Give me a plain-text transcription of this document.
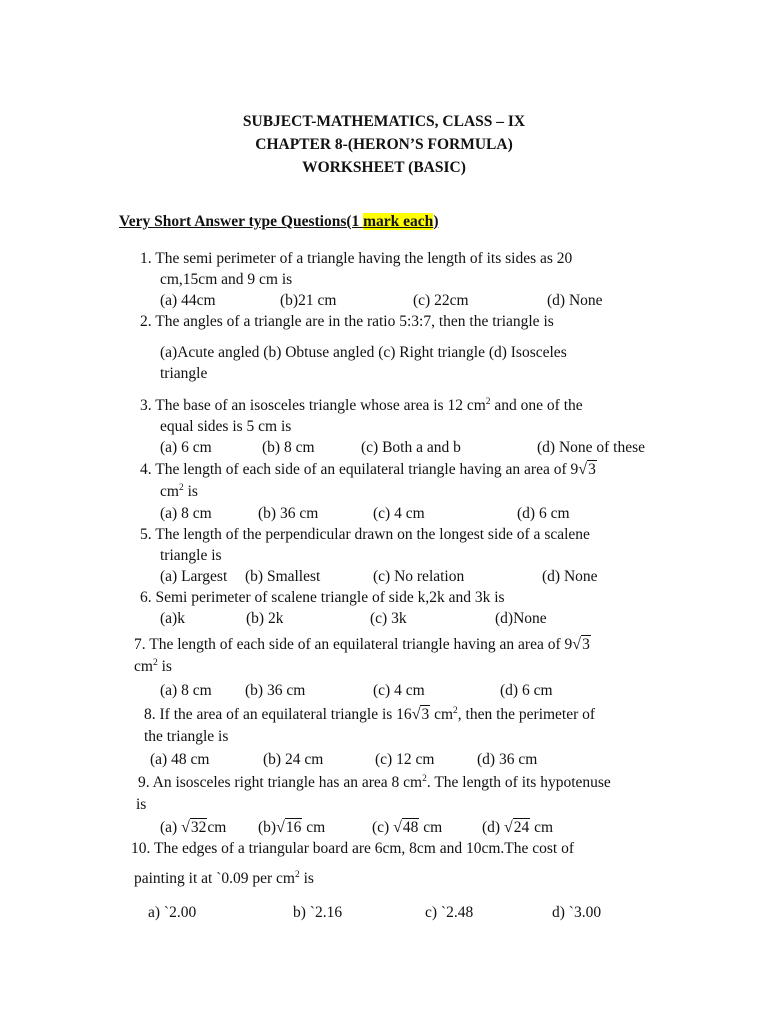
SUBJECT-MATHEMATICS, CLASS – IX
CHAPTER 8-(HERON’S FORMULA)
WORKSHEET (BASIC)
Very Short Answer type Questions(1 mark each)
1. The semi perimeter of a triangle having the length of its sides as 20
cm,15cm and 9 cm is
(a) 44cm	(b)21 cm	(c) 22cm	(d) None
2. The angles of a triangle are in the ratio 5:3:7, then the triangle is
(a)Acute angled (b) Obtuse angled (c) Right triangle (d) Isosceles
triangle
3. The base of an isosceles triangle whose area is 12 $cm^2$ and one of the
equal sides is 5 cm is
(a) 6 cm	(b) 8 cm	(c) Both a and b	(d) None of these
4. The length of each side of an equilateral triangle having an area of 9√3
$cm^2$ is
(a) 8 cm	(b) 36 cm	(c) 4 cm	(d) 6 cm
5. The length of the perpendicular drawn on the longest side of a scalene
triangle is
(a) Largest (b) Smallest	(c) No relation	(d) None
6. Semi perimeter of scalene triangle of side k,2k and 3k is
(a)k	(b) 2k	(c) 3k	(d)None
7. The length of each side of an equilateral triangle having an area of 9√3
$cm^2$ is
(a) 8 cm (b) 36 cm	(c) 4 cm	(d) 6 cm
8. If the area of an equilateral triangle is 16√3 $cm^2$, then the perimeter of
the triangle is
(a) 48 cm	(b) 24 cm	(c) 12 cm	(d) 36 cm
9. An isosceles right triangle has an area 8 $cm^2$. The length of its hypotenuse
is
(a) √32cm (b)√16 cm	(c) √48 cm	(d) √24 cm
10. The edges of a triangular board are 6cm, 8cm and 10cm.The cost of
painting it at `0.09 per $cm^2$ is
a) `2.00	b) `2.16	c) `2.48	d) `3.00
